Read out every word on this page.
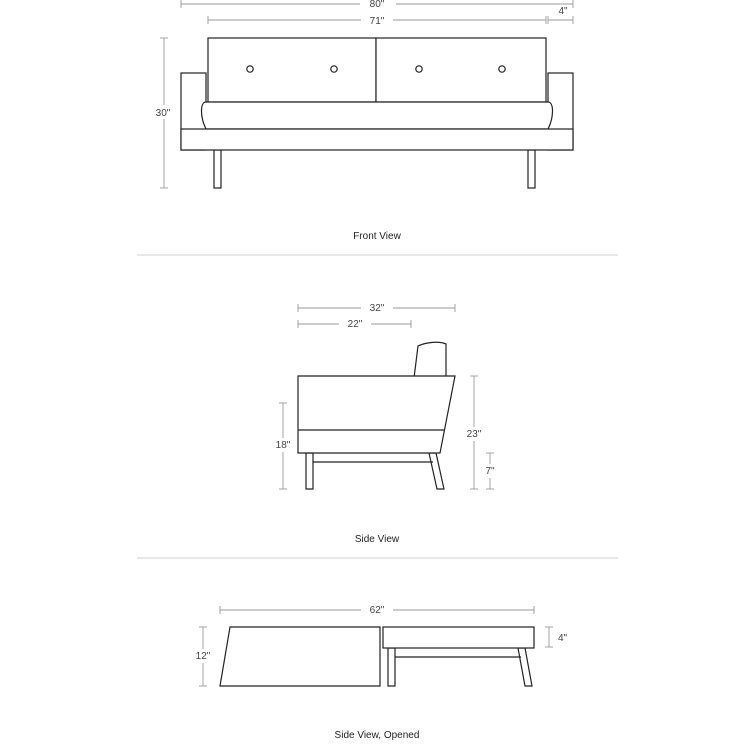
80"
71"
4"
30"
Front View
32"
22"
18"
23"
7"
Side View
62"
12"
4"
Side View, Opened
